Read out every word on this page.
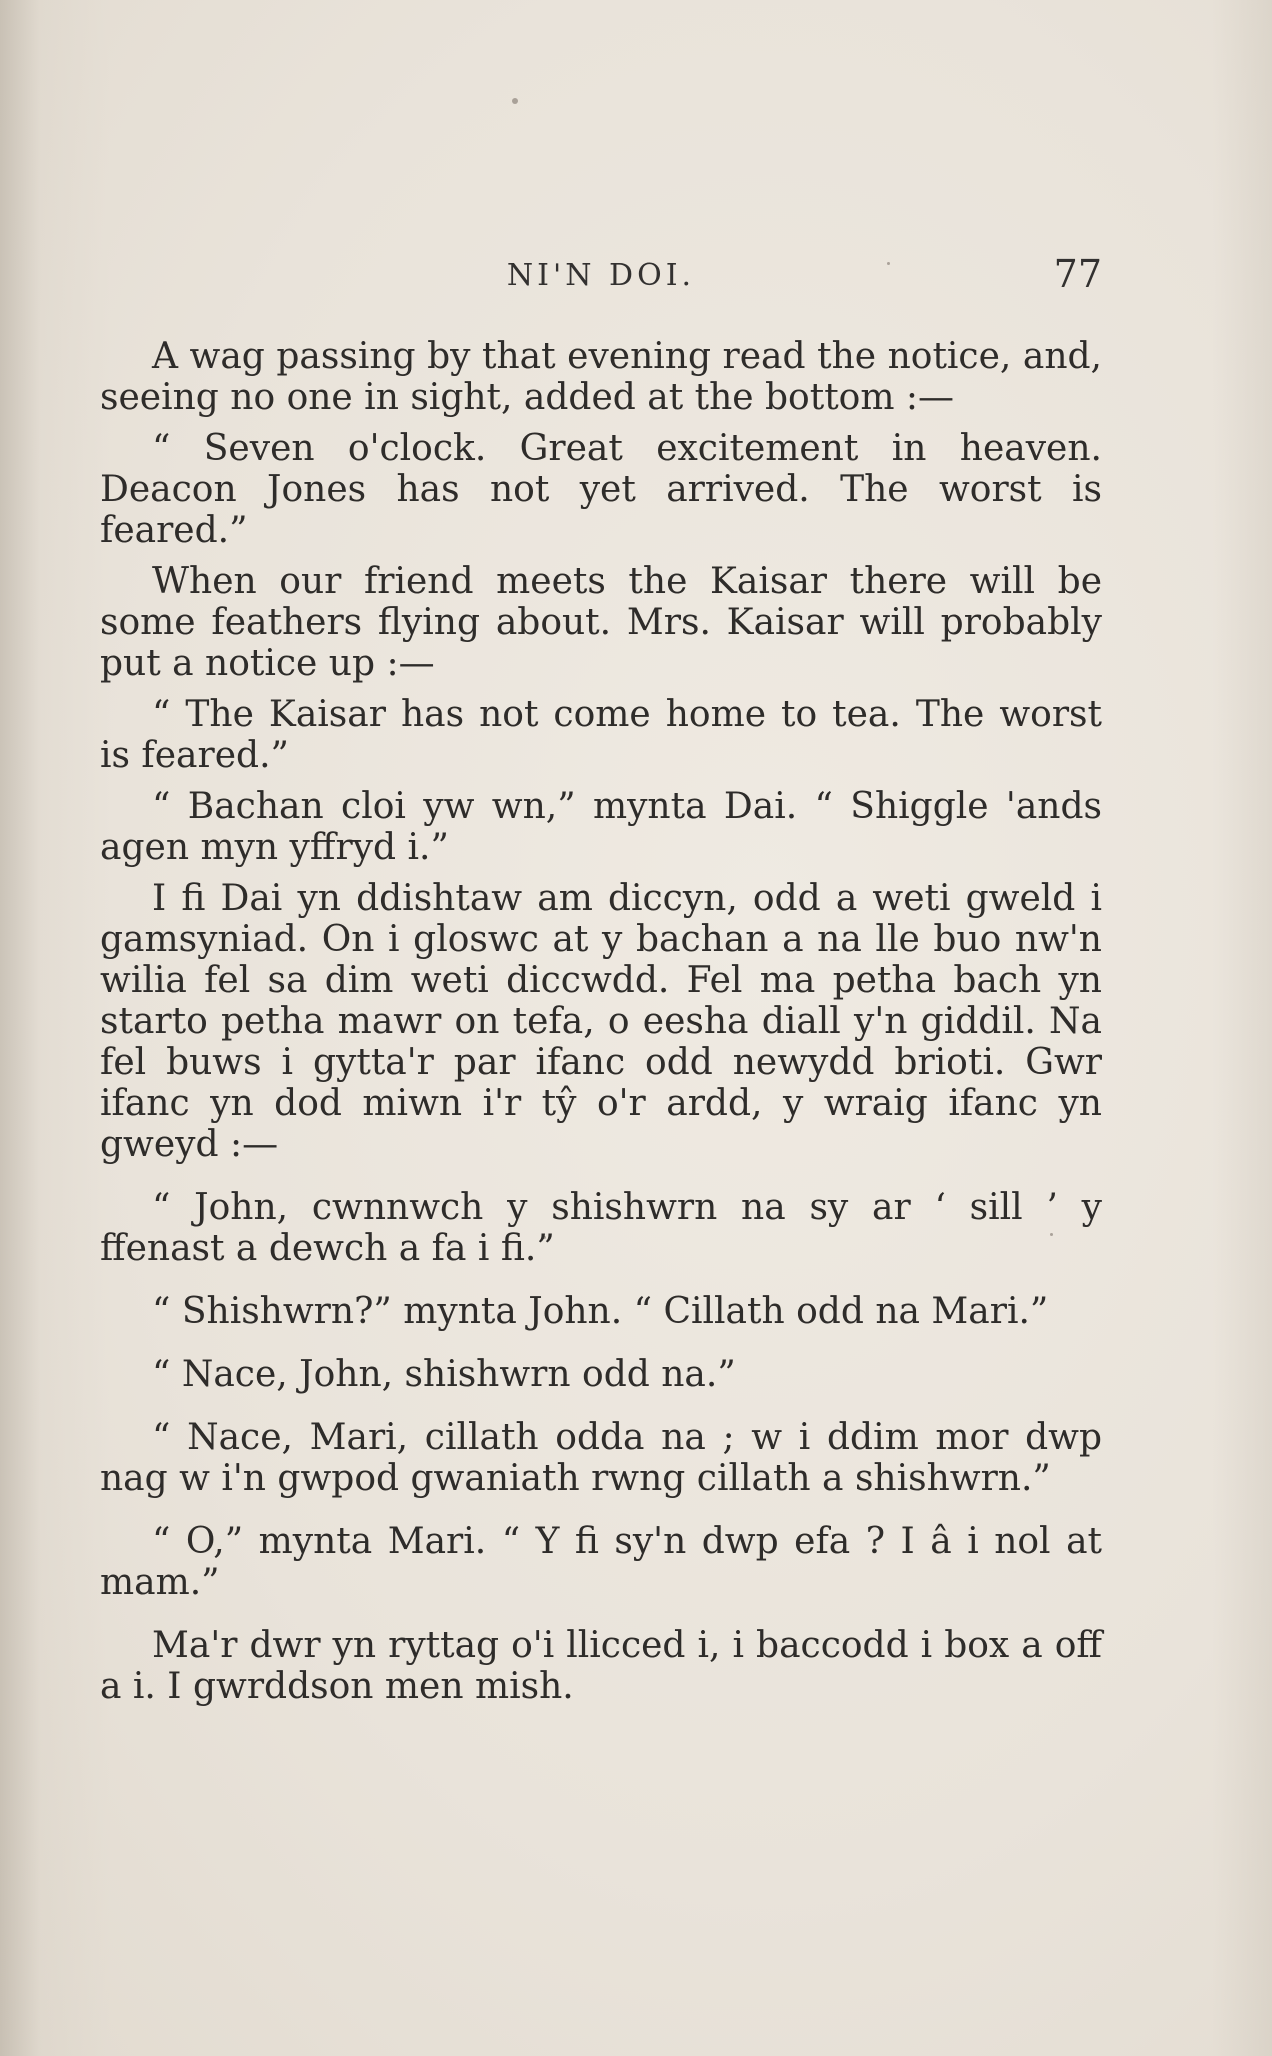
NI'N DOI.	77

A wag passing by that evening read the notice, and, seeing no one in sight, added at the bottom :—

“ Seven o'clock. Great excitement in heaven. Deacon Jones has not yet arrived. The worst is feared.”

When our friend meets the Kaisar there will be some feathers flying about. Mrs. Kaisar will probably put a notice up :—

“ The Kaisar has not come home to tea. The worst is feared.”

“ Bachan cloi yw wn,” mynta Dai. “ Shiggle 'ands agen myn yffryd i.”

I fi Dai yn ddishtaw am diccyn, odd a weti gweld i gamsyniad. On i gloswс at y bachan a na lle buo nw'n wilia fel sa dim weti diccwdd. Fel ma petha bach yn starto petha mawr on tefa, o eesha diall y'n giddil. Na fel buws i gytta'r par ifanc odd newydd brioti. Gwr ifanc yn dod miwn i'r tŷ o'r ardd, y wraig ifanc yn gweyd :—

“ John, cwnnwch y shishwrn na sy ar ‘ sill ’ y ffenast a dewch a fa i fi.”

“ Shishwrn?” mynta John. “ Cillath odd na Mari.”

“ Nace, John, shishwrn odd na.”

“ Nace, Mari, cillath odda na ; w i ddim mor dwp nag w i'n gwpod gwaniath rwng cillath a shishwrn.”

“ O,” mynta Mari. “ Y fi sy'n dwp efa ? I â i nol at mam.”

Ma'r dwr yn ryttag o'i llicced i, i baccodd i box a off a i. I gwrddson men mish.
